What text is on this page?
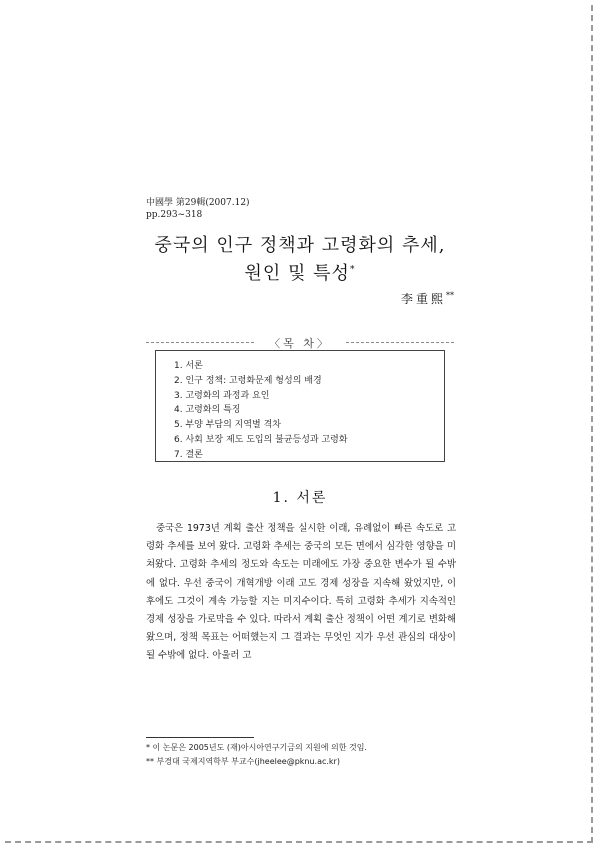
中國學 第29輯(2007.12)
pp.293~318
중국의 인구 정책과 고령화의 추세,
원인 및 특성*
李重熙**
〈목 차〉
1. 서론
2. 인구 정책: 고령화문제 형성의 배경
3. 고령화의 과정과 요인
4. 고령화의 특징
5. 부양 부담의 지역별 격차
6. 사회 보장 제도 도입의 불균등성과 고령화
7. 결론
1. 서론
중국은 1973년 계획 출산 정책을 실시한 이래, 유례없이 빠른 속도로 고령화 추세를 보여 왔다. 고령화 추세는 중국의 모든 면에서 심각한 영향을 미쳐왔다. 고령화 추세의 정도와 속도는 미래에도 가장 중요한 변수가 될 수밖에 없다. 우선 중국이 개혁개방 이래 고도 경제 성장을 지속해 왔었지만, 이후에도 그것이 계속 가능할 지는 미지수이다. 특히 고령화 추세가 지속적인 경제 성장을 가로막을 수 있다. 따라서 계획 출산 정책이 어떤 계기로 변화해 왔으며, 정책 목표는 어떠했는지 그 결과는 무엇인 지가 우선 관심의 대상이 될 수밖에 없다. 아울러 고
* 이 논문은 2005년도 (재)아시아연구기금의 지원에 의한 것임.
** 부경대 국제지역학부 부교수(jheelee@pknu.ac.kr)
